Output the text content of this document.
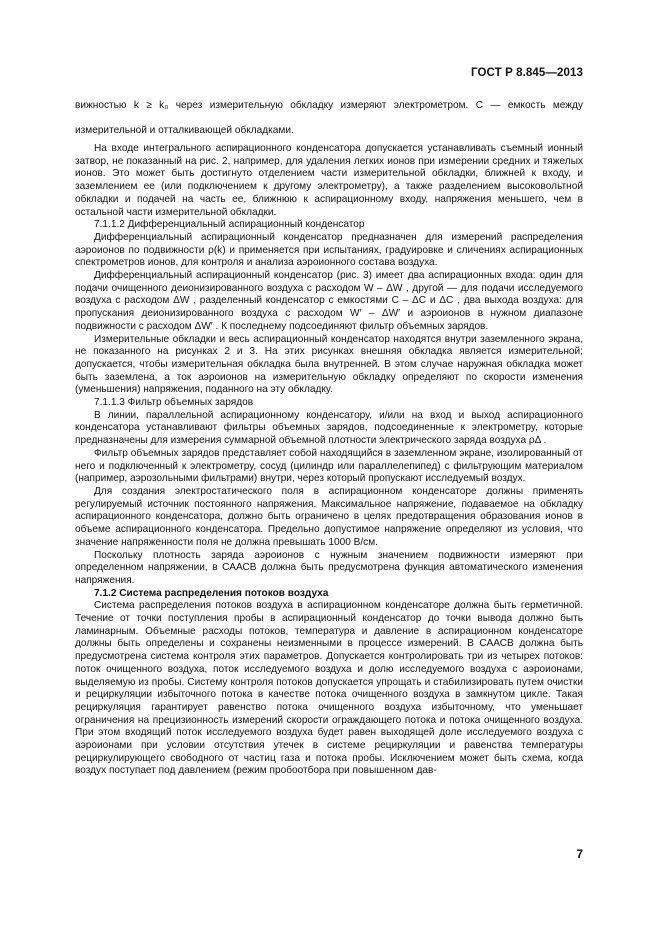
ГОСТ Р 8.845—2013

вижностью k ≥ k₀ через измерительную обкладку измеряют электрометром. C — емкость между измерительной и отталкивающей обкладками.

На входе интегрального аспирационного конденсатора допускается устанавливать съемный ионный затвор, не показанный на рис. 2, например, для удаления легких ионов при измерении средних и тяжелых ионов. Это может быть достигнуто отделением части измерительной обкладки, ближней к входу, и заземлением ее (или подключением к другому электрометру), а также разделением высоковольтной обкладки и подачей на часть ее, ближнюю к аспирационному входу, напряжения меньшего, чем в остальной части измерительной обкладки.

7.1.1.2 Дифференциальный аспирационный конденсатор

Дифференциальный аспирационный конденсатор предназначен для измерений распределения аэроионов по подвижности ρ(k) и применяется при испытаниях, градуировке и сличениях аспирационных спектрометров ионов, для контроля и анализа аэроионного состава воздуха.

Дифференциальный аспирационный конденсатор (рис. 3) имеет два аспирационных входа: один для подачи очищенного деионизированного воздуха с расходом W – ΔW , другой — для подачи исследуемого воздуха с расходом ΔW , разделенный конденсатор с емкостями C – ΔC и ΔC , два выхода воздуха: для пропускания деионизированного воздуха с расходом W′ – ΔW′ и аэроионов в нужном диапазоне подвижности с расходом ΔW′ . К последнему подсоединяют фильтр объемных зарядов.

Измерительные обкладки и весь аспирационный конденсатор находятся внутри заземленного экрана, не показанного на рисунках 2 и 3. На этих рисунках внешняя обкладка является измерительной; допускается, чтобы измерительная обкладка была внутренней. В этом случае наружная обкладка может быть заземлена, а ток аэроионов на измерительную обкладку определяют по скорости изменения (уменьшения) напряжения, поданного на эту обкладку.

7.1.1.3 Фильтр объемных зарядов

В линии, параллельной аспирационному конденсатору, и/или на вход и выход аспирационного конденсатора устанавливают фильтры объемных зарядов, подсоединенные к электрометру, которые предназначены для измерения суммарной объемной плотности электрического заряда воздуха ρΔ .

Фильтр объемных зарядов представляет собой находящийся в заземленном экране, изолированный от него и подключенный к электрометру, сосуд (цилиндр или параллелепипед) с фильтрующим материалом (например, аэрозольными фильтрами) внутри, через который пропускают исследуемый воздух.

Для создания электростатического поля в аспирационном конденсаторе должны применять регулируемый источник постоянного напряжения. Максимальное напряжение, подаваемое на обкладку аспирационного конденсатора, должно быть ограничено в целях предотвращения образования ионов в объеме аспирационного конденсатора. Предельно допустимое напряжение определяют из условия, что значение напряженности поля не должна превышать 1000 В/см.

Поскольку плотность заряда аэроионов с нужным значением подвижности измеряют при определенном напряжении, в СААСВ должна быть предусмотрена функция автоматического изменения напряжения.

7.1.2 Система распределения потоков воздуха

Система распределения потоков воздуха в аспирационном конденсаторе должна быть герметичной. Течение от точки поступления пробы в аспирационный конденсатор до точки вывода должно быть ламинарным. Объемные расходы потоков, температура и давление в аспирационном конденсаторе должны быть определены и сохранены неизменными в процессе измерений. В СААСВ должна быть предусмотрена система контроля этих параметров. Допускается контролировать три из четырех потоков: поток очищенного воздуха, поток исследуемого воздуха и долю исследуемого воздуха с аэроионами, выделяемую из пробы. Систему контроля потоков допускается упрощать и стабилизировать путем очистки и рециркуляции избыточного потока в качестве потока очищенного воздуха в замкнутом цикле. Такая рециркуляция гарантирует равенство потока очищенного воздуха избыточному, что уменьшает ограничения на прецизионность измерений скорости ограждающего потока и потока очищенного воздуха. При этом входящий поток исследуемого воздуха будет равен выходящей доле исследуемого воздуха с аэроионами при условии отсутствия утечек в системе рециркуляции и равенства температуры рециркулирующего свободного от частиц газа и потока пробы. Исключением может быть схема, когда воздух поступает под давлением (режим пробоотбора при повышенном дав-

7
